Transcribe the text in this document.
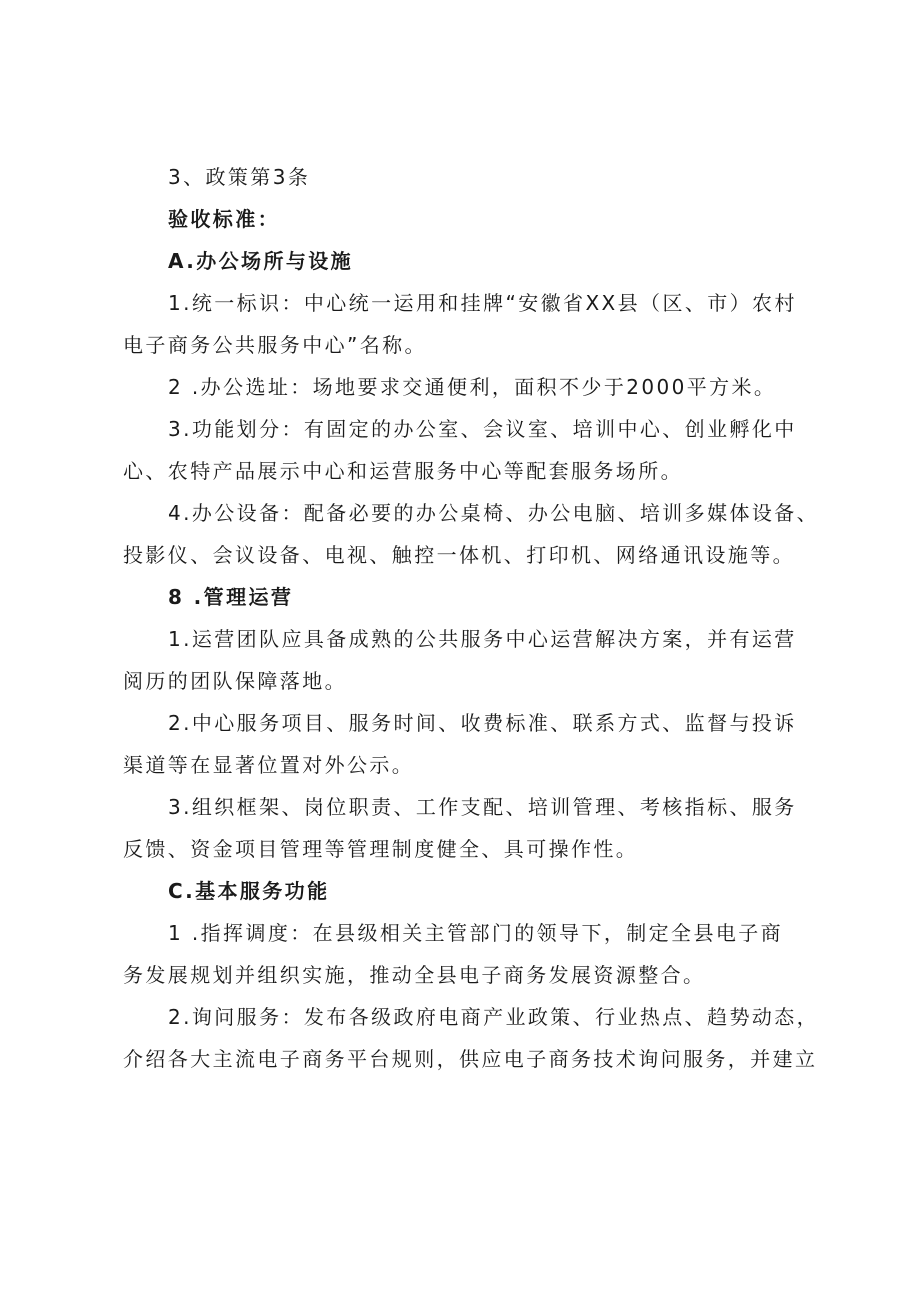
3、政策第3条

验收标准：

A.办公场所与设施

1.统一标识：中心统一运用和挂牌“安徽省XX县（区、市）农村

电子商务公共服务中心”名称。

2 .办公选址：场地要求交通便利，面积不少于2000平方米。

3.功能划分：有固定的办公室、会议室、培训中心、创业孵化中

心、农特产品展示中心和运营服务中心等配套服务场所。

4.办公设备：配备必要的办公桌椅、办公电脑、培训多媒体设备、

投影仪、会议设备、电视、触控一体机、打印机、网络通讯设施等。

8 .管理运营

1.运营团队应具备成熟的公共服务中心运营解决方案，并有运营

阅历的团队保障落地。

2.中心服务项目、服务时间、收费标准、联系方式、监督与投诉

渠道等在显著位置对外公示。

3.组织框架、岗位职责、工作支配、培训管理、考核指标、服务

反馈、资金项目管理等管理制度健全、具可操作性。

C.基本服务功能

1 .指挥调度：在县级相关主管部门的领导下，制定全县电子商

务发展规划并组织实施，推动全县电子商务发展资源整合。

2.询问服务：发布各级政府电商产业政策、行业热点、趋势动态，

介绍各大主流电子商务平台规则，供应电子商务技术询问服务，并建立
